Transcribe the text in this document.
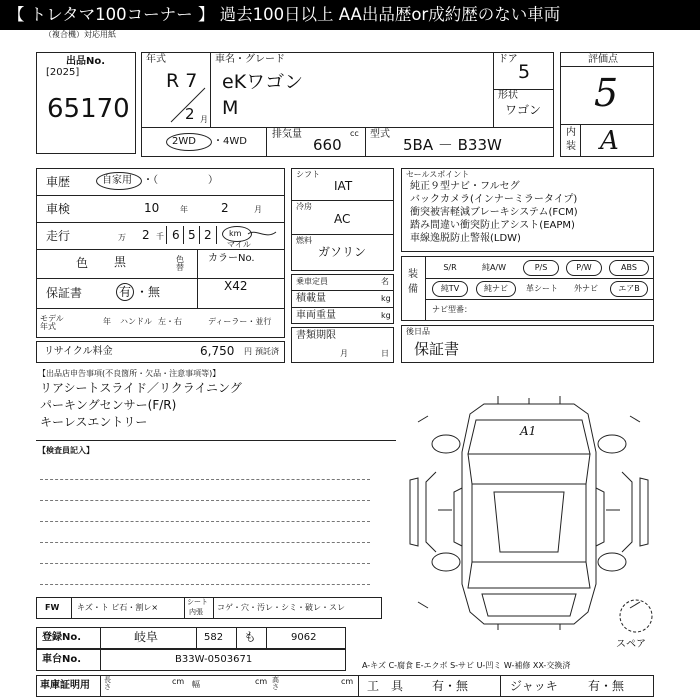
【 トレタマ100コーナー 】 過去100日以上 AA出品歴or成約歴のない車両
（複合機）対応用紙
出品No.
[2025]
65170
年式
R 7
2 月
車名・グレード
eKワゴン
M
ドア
5
形状
ワゴン
2WD ・4WD
排気量	cc
660
型式
5BA － B33W
評価点
5
内
装 A
車歴	自家用 ・（　　　　　）
車検	10	年	2	月
走行	万 2 千 6 5 2 km
マイル
色 黒	色替
カラーNo.
X42
保証書	有 ・無
モデル年式
年 ハンドル 左・右	ディーラー・並行
リサイクル料金	6,750 円 預託済
シフト
IAT
冷房
AC
燃料
ガソリン
乗車定員	名
積載量	kg
車両重量	kg
書類期限
月	日
セールスポイント
純正９型ナビ・フルセグ
バックカメラ(インナーミラータイプ)
衝突被害軽減ブレーキシステム(FCM)
踏み間違い衝突防止アシスト(EAPM)
車線逸脱防止警報(LDW)
装
備
S/R	純A/W	P/S	P/W	ABS
純TV	純ナビ	革シート	外ナビ	エアB
ナビ型番：
後日品
保証書
【出品店申告事項(不良箇所・欠品・注意事項等)】
リアシートスライド／リクライニング
パーキングセンサー(F/R)
キーレスエントリー
【検査員記入】
A1
スペア
FW キズ・ト ビ石・割レ×
シート
内張 コゲ・穴・汚レ・シミ・破レ・スレ
登録No.	岐阜	582 も	9062
車台No.	B33W-0503671
A-キズ C-腐食 E-エクボ S-サビ U-凹ミ W-補修 XX-交換済
車庫証明用 長さ
cm 幅	cm 高さ
cm 工　具 有・無	ジャッキ	有・無
